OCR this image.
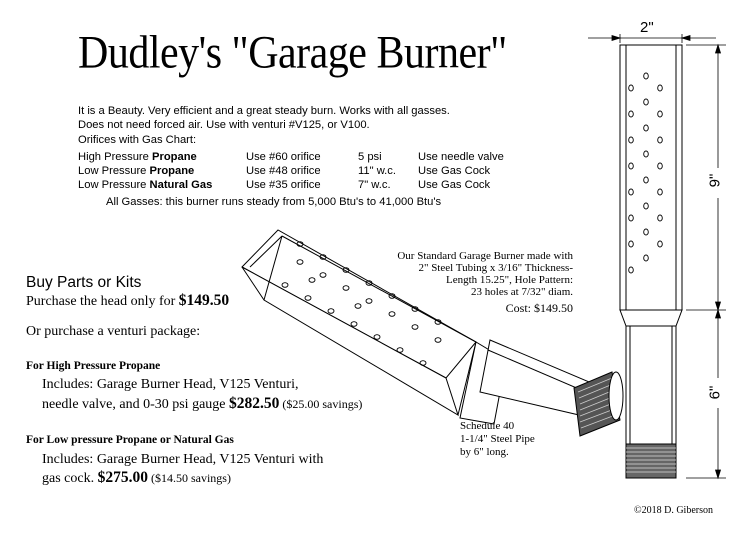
Dudley's "Garage Burner"
It is a Beauty. Very efficient and a great steady burn. Works with all gasses.
Does not need forced air. Use with venturi #V125, or V100.
Orifices with Gas Chart:
High Pressure Propane	Use #60 orifice	5 psi	Use needle valve
Low Pressure Propane	Use #48 orifice	11" w.c. Use Gas Cock
Low Pressure Natural Gas	Use #35 orifice	7" w.c. Use Gas Cock
All Gasses: this burner runs steady from 5,000 Btu's to 41,000 Btu's
2"
9"
6"
Our Standard Garage Burner made with
2" Steel Tubing x 3/16" Thickness-
Length 15.25", Hole Pattern:
23 holes at 7/32" diam.
Cost: $149.50
Schedule 40
1-1/4" Steel Pipe
by 6" long.
Buy Parts or Kits
Purchase the head only for $149.50
Or purchase a venturi package:
For High Pressure Propane
Includes: Garage Burner Head, V125 Venturi,
needle valve, and 0-30 psi gauge $282.50 ($25.00 savings)
For Low pressure Propane or Natural Gas
Includes: Garage Burner Head, V125 Venturi with
gas cock. $275.00 ($14.50 savings)
©2018 D. Giberson
